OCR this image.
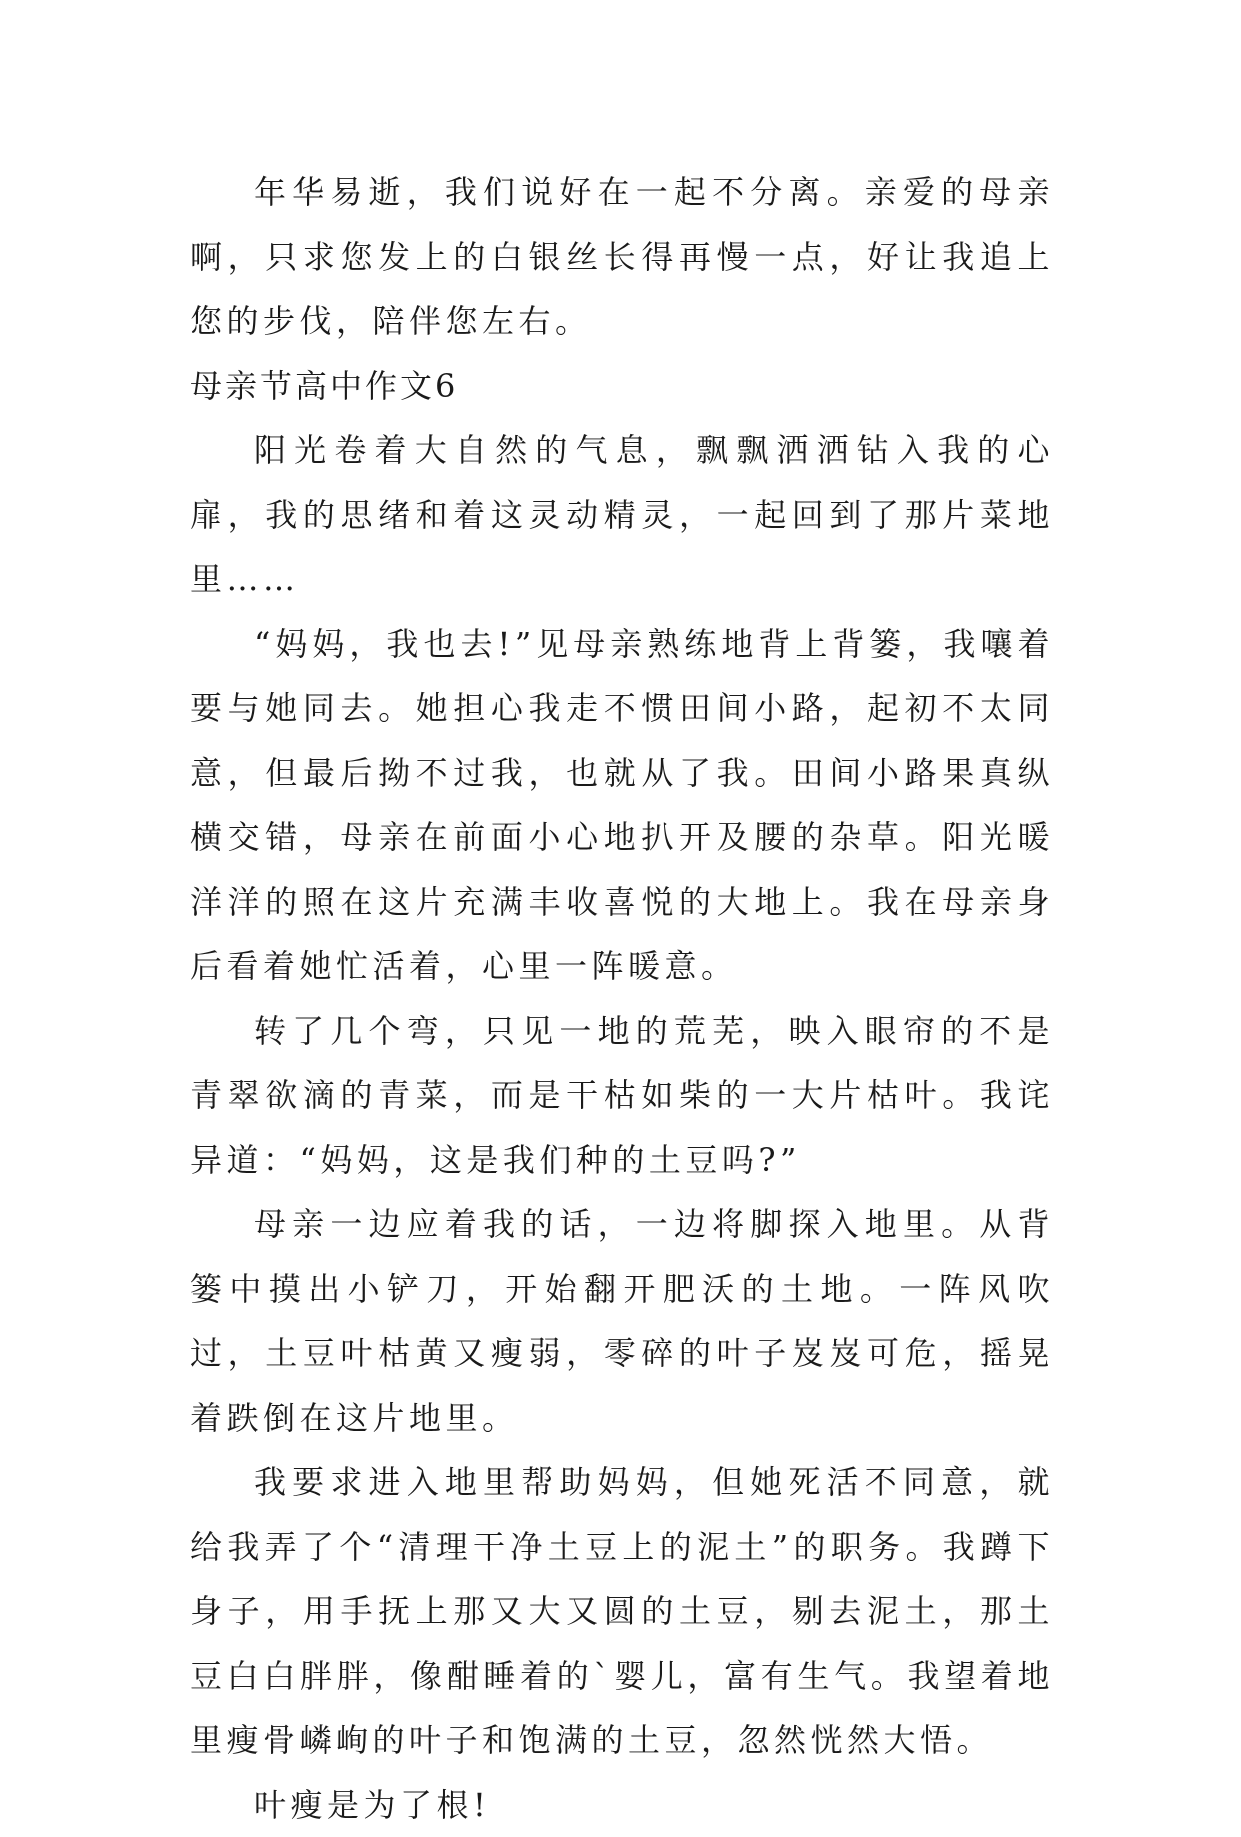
年华易逝，我们说好在一起不分离。亲爱的母亲啊，只求您发上的白银丝长得再慢一点，好让我追上您的步伐，陪伴您左右。

母亲节高中作文6

阳光卷着大自然的气息，飘飘洒洒钻入我的心扉，我的思绪和着这灵动精灵，一起回到了那片菜地里……

“妈妈，我也去!”见母亲熟练地背上背篓，我嚷着要与她同去。她担心我走不惯田间小路，起初不太同意，但最后拗不过我，也就从了我。田间小路果真纵横交错，母亲在前面小心地扒开及腰的杂草。阳光暖洋洋的照在这片充满丰收喜悦的大地上。我在母亲身后看着她忙活着，心里一阵暖意。

转了几个弯，只见一地的荒芜，映入眼帘的不是青翠欲滴的青菜，而是干枯如柴的一大片枯叶。我诧异道：“妈妈，这是我们种的土豆吗?”

母亲一边应着我的话，一边将脚探入地里。从背篓中摸出小铲刀，开始翻开肥沃的土地。一阵风吹过，土豆叶枯黄又瘦弱，零碎的叶子岌岌可危，摇晃着跌倒在这片地里。

我要求进入地里帮助妈妈，但她死活不同意，就给我弄了个“清理干净土豆上的泥土”的职务。我蹲下身子，用手抚上那又大又圆的土豆，剔去泥土，那土豆白白胖胖，像酣睡着的`婴儿，富有生气。我望着地里瘦骨嶙峋的叶子和饱满的土豆，忽然恍然大悟。

叶瘦是为了根!
